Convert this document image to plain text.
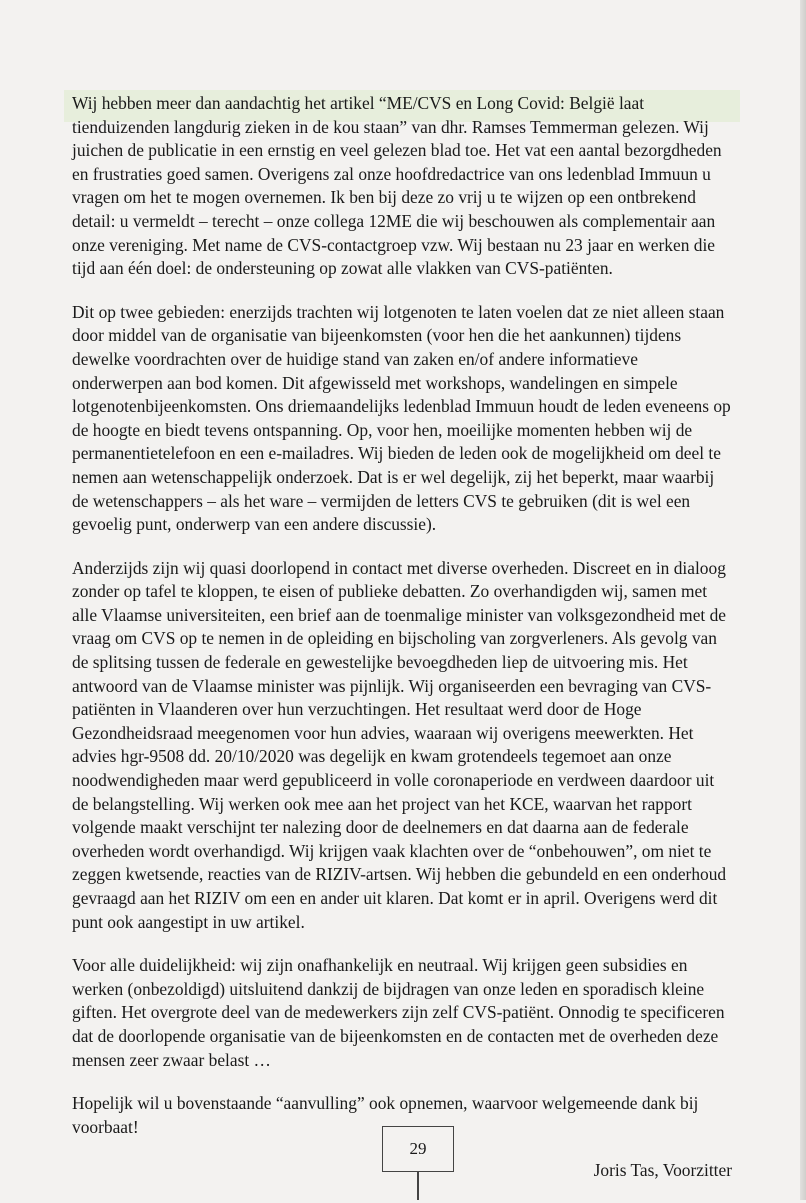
Wij hebben meer dan aandachtig het artikel “ME/CVS en Long Covid: België laat tienduizenden langdurig zieken in de kou staan” van dhr. Ramses Temmerman gelezen. Wij juichen de publicatie in een ernstig en veel gelezen blad toe. Het vat een aantal bezorgdheden en frustraties goed samen. Overigens zal onze hoofdredactrice van ons ledenblad Immuun u vragen om het te mogen overnemen. Ik ben bij deze zo vrij u te wijzen op een ontbrekend detail: u vermeldt – terecht – onze collega 12ME die wij beschouwen als complementair aan onze vereniging. Met name de CVS-contactgroep vzw. Wij bestaan nu 23 jaar en werken die tijd aan één doel: de ondersteuning op zowat alle vlakken van CVS-patiënten.

Dit op twee gebieden: enerzijds trachten wij lotgenoten te laten voelen dat ze niet alleen staan door middel van de organisatie van bijeenkomsten (voor hen die het aankunnen) tijdens dewelke voordrachten over de huidige stand van zaken en/of andere informatieve onderwerpen aan bod komen. Dit afgewisseld met workshops, wandelingen en simpele lotgenotenbijeenkomsten. Ons driemaandelijks ledenblad Immuun houdt de leden eveneens op de hoogte en biedt tevens ontspanning. Op, voor hen, moeilijke momenten hebben wij de permanentietelefoon en een e-mailadres. Wij bieden de leden ook de mogelijkheid om deel te nemen aan wetenschappelijk onderzoek. Dat is er wel degelijk, zij het beperkt, maar waarbij de wetenschappers – als het ware – vermijden de letters CVS te gebruiken (dit is wel een gevoelig punt, onderwerp van een andere discussie).

Anderzijds zijn wij quasi doorlopend in contact met diverse overheden. Discreet en in dialoog zonder op tafel te kloppen, te eisen of publieke debatten. Zo overhandigden wij, samen met alle Vlaamse universiteiten, een brief aan de toenmalige minister van volksgezondheid met de vraag om CVS op te nemen in de opleiding en bijscholing van zorgverleners. Als gevolg van de splitsing tussen de federale en gewestelijke bevoegdheden liep de uitvoering mis. Het antwoord van de Vlaamse minister was pijnlijk. Wij organiseerden een bevraging van CVS-patiënten in Vlaanderen over hun verzuchtingen. Het resultaat werd door de Hoge Gezondheidsraad meegenomen voor hun advies, waaraan wij overigens meewerkten. Het advies hgr-9508 dd. 20/10/2020 was degelijk en kwam grotendeels tegemoet aan onze noodwendigheden maar werd gepubliceerd in volle coronaperiode en verdween daardoor uit de belangstelling. Wij werken ook mee aan het project van het KCE, waarvan het rapport volgende maakt verschijnt ter nalezing door de deelnemers en dat daarna aan de federale overheden wordt overhandigd. Wij krijgen vaak klachten over de “onbehouwen”, om niet te zeggen kwetsende, reacties van de RIZIV-artsen. Wij hebben die gebundeld en een onderhoud gevraagd aan het RIZIV om een en ander uit klaren. Dat komt er in april. Overigens werd dit punt ook aangestipt in uw artikel.

Voor alle duidelijkheid: wij zijn onafhankelijk en neutraal. Wij krijgen geen subsidies en werken (onbezoldigd) uitsluitend dankzij de bijdragen van onze leden en sporadisch kleine giften. Het overgrote deel van de medewerkers zijn zelf CVS-patiënt. Onnodig te specificeren dat de doorlopende organisatie van de bijeenkomsten en de contacten met de overheden deze mensen zeer zwaar belast …

Hopelijk wil u bovenstaande “aanvulling” ook opnemen, waarvoor welgemeende dank bij voorbaat!

Joris Tas, Voorzitter

29
